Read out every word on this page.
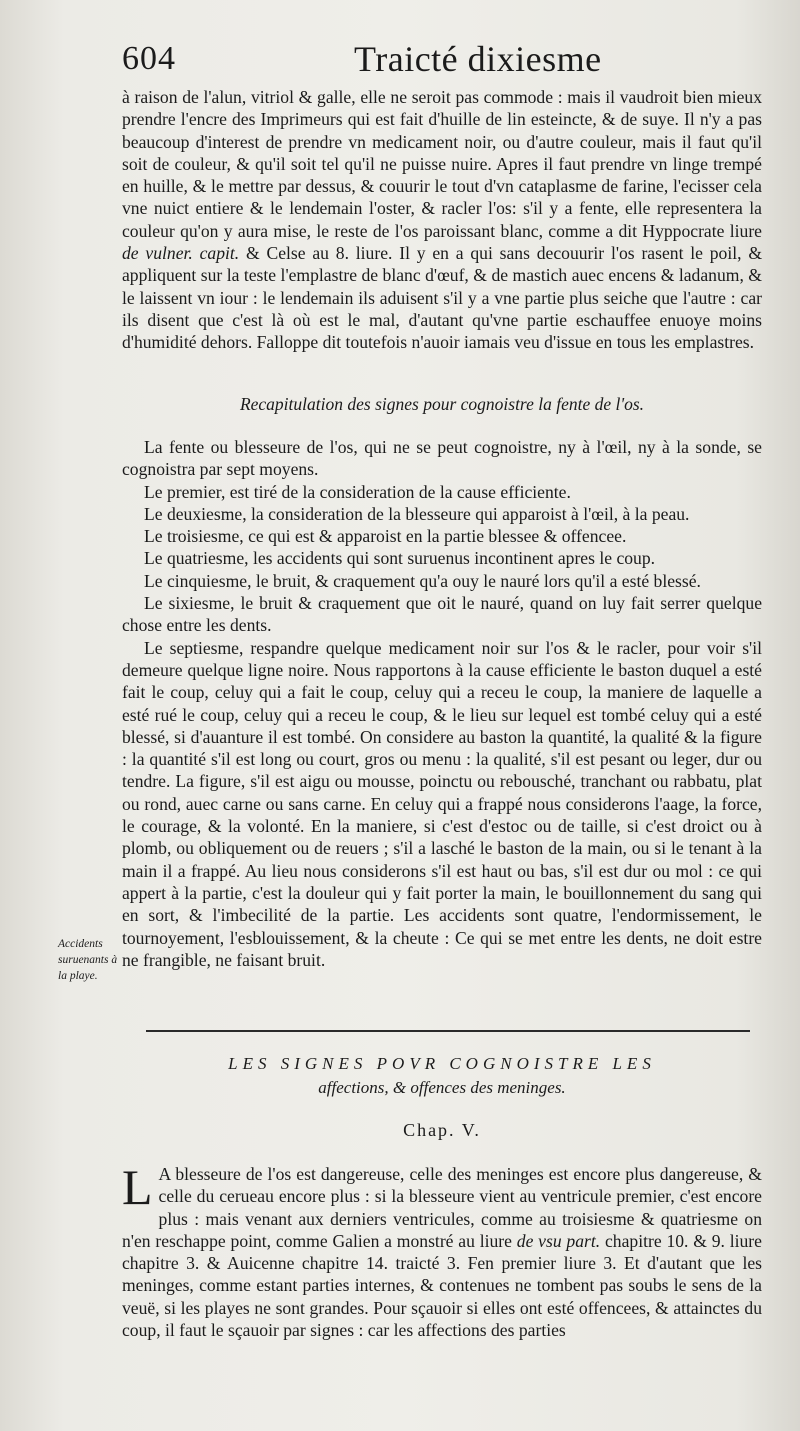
604	Traicté dixiesme

à raison de l'alun, vitriol & galle, elle ne seroit pas commode : mais il vaudroit bien mieux prendre l'encre des Imprimeurs qui est fait d'huille de lin esteincte, & de suye. Il n'y a pas beaucoup d'interest de prendre vn medicament noir, ou d'autre couleur, mais il faut qu'il soit de couleur, & qu'il soit tel qu'il ne puisse nuire. Apres il faut prendre vn linge trempé en huille, & le mettre par dessus, & couurir le tout d'vn cataplasme de farine, l'ecisser cela vne nuict entiere & le lendemain l'oster, & racler l'os: s'il y a fente, elle representera la couleur qu'on y aura mise, le reste de l'os paroissant blanc, comme a dit Hyppocrate liure de vulner. capit. & Celse au 8. liure. Il y en a qui sans decouurir l'os rasent le poil, & appliquent sur la teste l'emplastre de blanc d'œuf, & de mastich auec encens & ladanum, & le laissent vn iour : le lendemain ils aduisent s'il y a vne partie plus seiche que l'autre : car ils disent que c'est là où est le mal, d'autant qu'vne partie eschauffee enuoye moins d'humidité dehors. Falloppe dit toutefois n'auoir iamais veu d'issue en tous les emplastres.

Recapitulation des signes pour cognoistre la fente de l'os.

La fente ou blesseure de l'os, qui ne se peut cognoistre, ny à l'œil, ny à la sonde, se cognoistra par sept moyens.

Le premier, est tiré de la consideration de la cause efficiente.

Le deuxiesme, la consideration de la blesseure qui apparoist à l'œil, à la peau.

Le troisiesme, ce qui est & apparoist en la partie blessee & offencee.

Le quatriesme, les accidents qui sont suruenus incontinent apres le coup.

Le cinquiesme, le bruit, & craquement qu'a ouy le nauré lors qu'il a esté blessé.

Le sixiesme, le bruit & craquement que oit le nauré, quand on luy fait serrer quelque chose entre les dents.

Le septiesme, respandre quelque medicament noir sur l'os & le racler, pour voir s'il demeure quelque ligne noire. Nous rapportons à la cause efficiente le baston duquel a esté fait le coup, celuy qui a fait le coup, celuy qui a receu le coup, la maniere de laquelle a esté rué le coup, celuy qui a receu le coup, & le lieu sur lequel est tombé celuy qui a esté blessé, si d'auanture il est tombé. On considere au baston la quantité, la qualité & la figure : la quantité s'il est long ou court, gros ou menu : la qualité, s'il est pesant ou leger, dur ou tendre. La figure, s'il est aigu ou mousse, poinctu ou rebousché, tranchant ou rabbatu, plat ou rond, auec carne ou sans carne. En celuy qui a frappé nous considerons l'aage, la force, le courage, & la volonté. En la maniere, si c'est d'estoc ou de taille, si c'est droict ou à plomb, ou obliquement ou de reuers ; s'il a lasché le baston de la main, ou si le tenant à la main il a frappé. Au lieu nous considerons s'il est haut ou bas, s'il est dur ou mol : ce qui appert à la partie, c'est la douleur qui y fait porter la main, le bouillonnement du sang qui en sort, & l'imbecilité de la partie. Les accidents sont quatre, l'endormissement, le tournoyement, l'esblouissement, & la cheute : Ce qui se met entre les dents, ne doit estre ne frangible, ne faisant bruit.

Accidents suruenants à la playe.
LES SIGNES POVR COGNOISTRE LES
affections, & offences des meninges.
Chap. V.

L A blesseure de l'os est dangereuse, celle des meninges est encore plus dangereuse, & celle du cerueau encore plus : si la blesseure vient au ventricule premier, c'est encore plus : mais venant aux derniers ventricules, comme au troisiesme & quatriesme on n'en reschappe point, comme Galien a monstré au liure de vsu part. chapitre 10. & 9. liure chapitre 3. & Auicenne chapitre 14. traicté 3. Fen premier liure 3. Et d'autant que les meninges, comme estant parties internes, & contenues ne tombent pas soubs le sens de la veuë, si les playes ne sont grandes. Pour sçauoir si elles ont esté offencees, & attainctes du coup, il faut le sçauoir par signes : car les affections des parties
